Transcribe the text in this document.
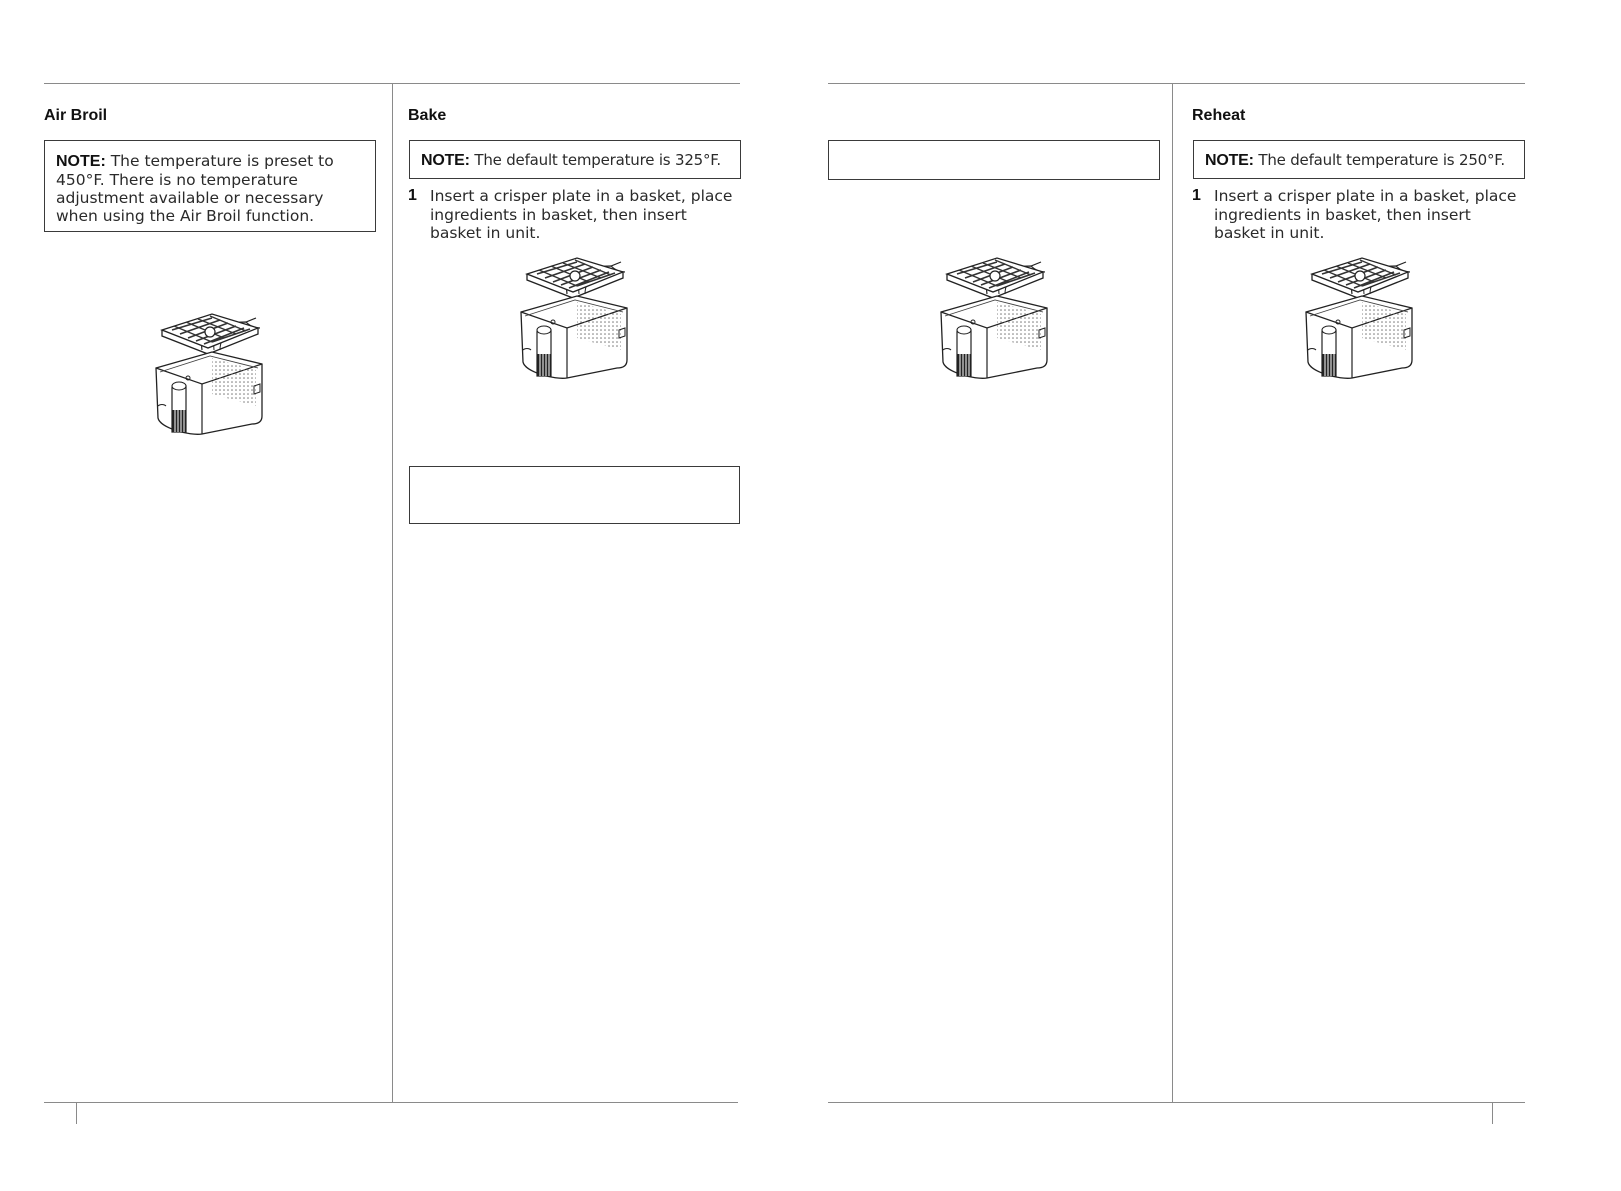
Air Broil
NOTE: The temperature is preset to 450°F. There is no temperature adjustment available or necessary when using the Air Broil function.
Bake
NOTE: The default temperature is 325°F.
1 Insert a crisper plate in a basket, place ingredients in basket, then insert basket in unit.
Reheat
NOTE: The default temperature is 250°F.
1 Insert a crisper plate in a basket, place ingredients in basket, then insert basket in unit.
